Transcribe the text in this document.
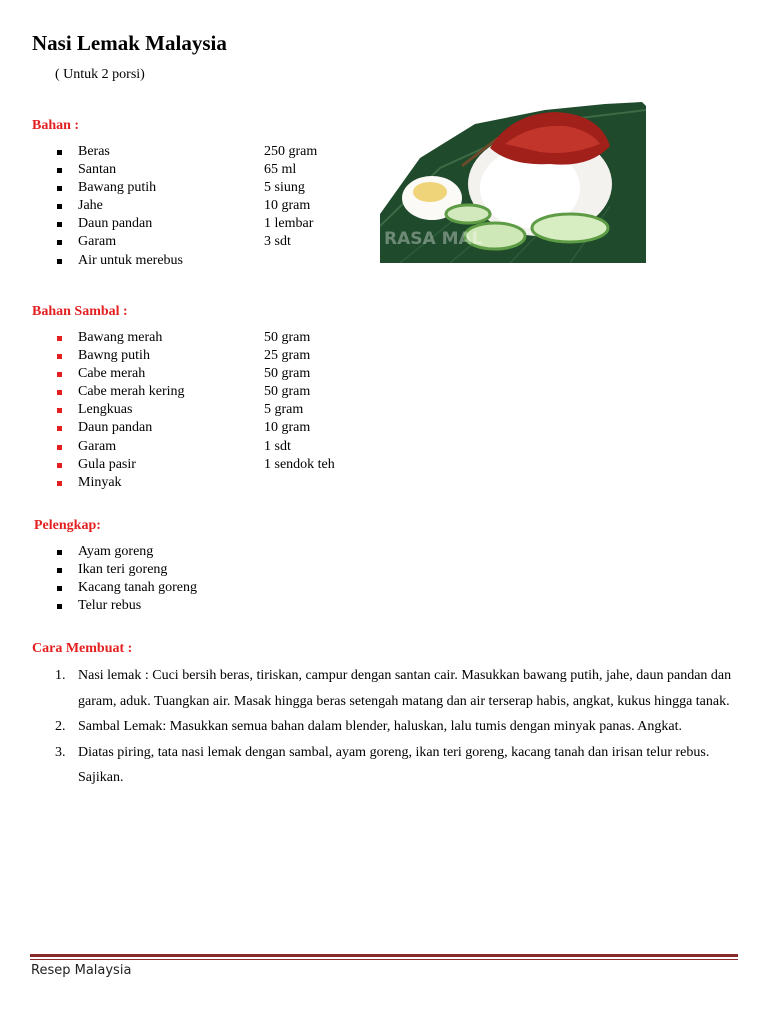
Nasi Lemak Malaysia
( Untuk 2 porsi)
Bahan :
Beras	250 gram
Santan	65 ml
Bawang putih	5 siung
Jahe	10 gram
Daun pandan	1 lembar
Garam	3 sdt
Air untuk merebus
Bahan Sambal :
Bawang merah	50 gram
Bawng putih	25 gram
Cabe merah	50 gram
Cabe merah kering	50 gram
Lengkuas	5 gram
Daun pandan	10 gram
Garam	1 sdt
Gula pasir	1 sendok teh
Minyak
Pelengkap:
Ayam goreng
Ikan teri goreng
Kacang tanah goreng
Telur rebus
Cara Membuat :
1. Nasi lemak : Cuci bersih beras, tiriskan, campur dengan santan cair. Masukkan bawang putih, jahe, daun pandan dan garam, aduk. Tuangkan air. Masak hingga beras setengah matang dan air terserap habis, angkat, kukus hingga tanak.
2. Sambal Lemak: Masukkan semua bahan dalam blender, haluskan, lalu tumis dengan minyak panas. Angkat.
3. Diatas piring, tata nasi lemak dengan sambal, ayam goreng, ikan teri goreng, kacang tanah dan irisan telur rebus. Sajikan.
RASA MAL
Resep Malaysia
